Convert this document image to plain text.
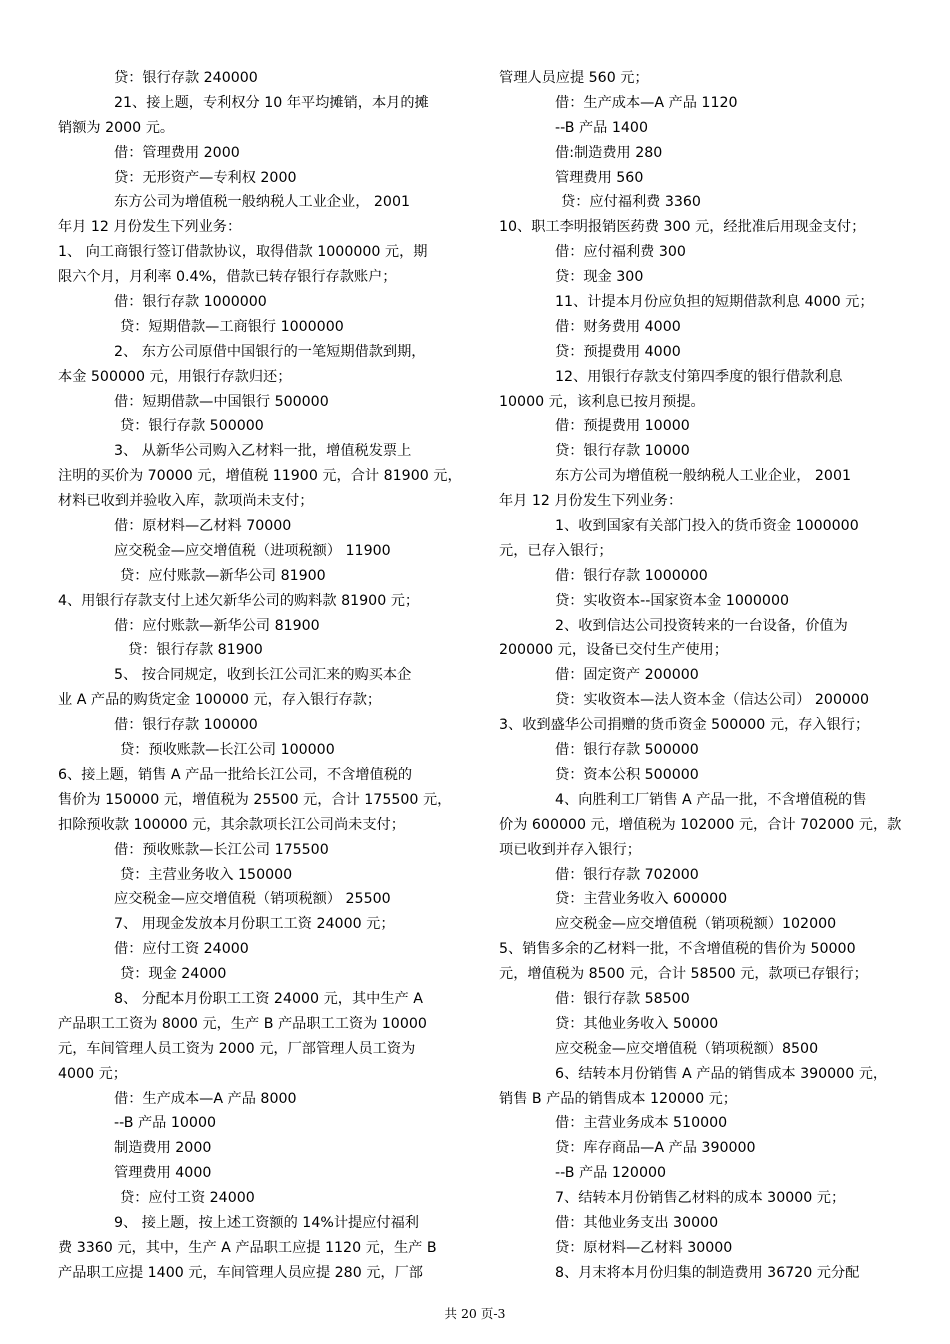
贷：银行存款 240000
21、接上题，专利权分 10 年平均摊销，本月的摊
销额为 2000 元。
借：管理费用 2000
贷：无形资产—专利权 2000
东方公司为增值税一般纳税人工业企业， 2001
年月 12 月份发生下列业务：
1、 向工商银行签订借款协议，取得借款 1000000 元，期
限六个月，月利率 0.4%，借款已转存银行存款账户；
借：银行存款 1000000
贷：短期借款—工商银行 1000000
2、 东方公司原借中国银行的一笔短期借款到期，
本金 500000 元，用银行存款归还；
借：短期借款—中国银行 500000
贷：银行存款 500000
3、 从新华公司购入乙材料一批，增值税发票上
注明的买价为 70000 元，增值税 11900 元，合计 81900 元，
材料已收到并验收入库，款项尚未支付；
借：原材料—乙材料 70000
应交税金—应交增值税（进项税额） 11900
贷：应付账款—新华公司 81900
4、用银行存款支付上述欠新华公司的购料款 81900 元；
借：应付账款—新华公司 81900
贷：银行存款 81900
5、 按合同规定，收到长江公司汇来的购买本企
业 A 产品的购货定金 100000 元，存入银行存款；
借：银行存款 100000
贷：预收账款—长江公司 100000
6、接上题，销售 A 产品一批给长江公司，不含增值税的
售价为 150000 元，增值税为 25500 元，合计 175500 元，
扣除预收款 100000 元，其余款项长江公司尚未支付；
借：预收账款—长江公司 175500
贷：主营业务收入 150000
应交税金—应交增值税（销项税额） 25500
7、 用现金发放本月份职工工资 24000 元；
借：应付工资 24000
贷：现金 24000
8、 分配本月份职工工资 24000 元，其中生产 A
产品职工工资为 8000 元，生产 B 产品职工工资为 10000
元，车间管理人员工资为 2000 元，厂部管理人员工资为
4000 元；
借：生产成本—A 产品 8000
--B 产品 10000
制造费用 2000
管理费用 4000
贷：应付工资 24000
9、 接上题，按上述工资额的 14%计提应付福利
费 3360 元，其中，生产 A 产品职工应提 1120 元，生产 B
产品职工应提 1400 元，车间管理人员应提 280 元，厂部
管理人员应提 560 元；
借：生产成本—A 产品 1120
--B 产品 1400
借:制造费用 280
管理费用 560
贷：应付福利费 3360
10、职工李明报销医药费 300 元，经批准后用现金支付；
借：应付福利费 300
贷：现金 300
11、计提本月份应负担的短期借款利息 4000 元；
借：财务费用 4000
贷：预提费用 4000
12、用银行存款支付第四季度的银行借款利息
10000 元，该利息已按月预提。
借：预提费用 10000
贷：银行存款 10000
东方公司为增值税一般纳税人工业企业， 2001
年月 12 月份发生下列业务：
1、收到国家有关部门投入的货币资金 1000000
元，已存入银行；
借：银行存款 1000000
贷：实收资本--国家资本金 1000000
2、收到信达公司投资转来的一台设备，价值为
200000 元，设备已交付生产使用；
借：固定资产 200000
贷：实收资本—法人资本金（信达公司） 200000
3、收到盛华公司捐赠的货币资金 500000 元，存入银行；
借：银行存款 500000
贷：资本公积 500000
4、向胜利工厂销售 A 产品一批，不含增值税的售
价为 600000 元，增值税为 102000 元，合计 702000 元，款
项已收到并存入银行；
借：银行存款 702000
贷：主营业务收入 600000
应交税金—应交增值税（销项税额）102000
5、销售多余的乙材料一批，不含增值税的售价为 50000
元，增值税为 8500 元，合计 58500 元，款项已存银行；
借：银行存款 58500
贷：其他业务收入 50000
应交税金—应交增值税（销项税额）8500
6、结转本月份销售 A 产品的销售成本 390000 元，
销售 B 产品的销售成本 120000 元；
借：主营业务成本 510000
贷：库存商品—A 产品 390000
--B 产品 120000
7、结转本月份销售乙材料的成本 30000 元；
借：其他业务支出 30000
贷：原材料—乙材料 30000
8、月末将本月份归集的制造费用 36720 元分配
共 20 页-3
